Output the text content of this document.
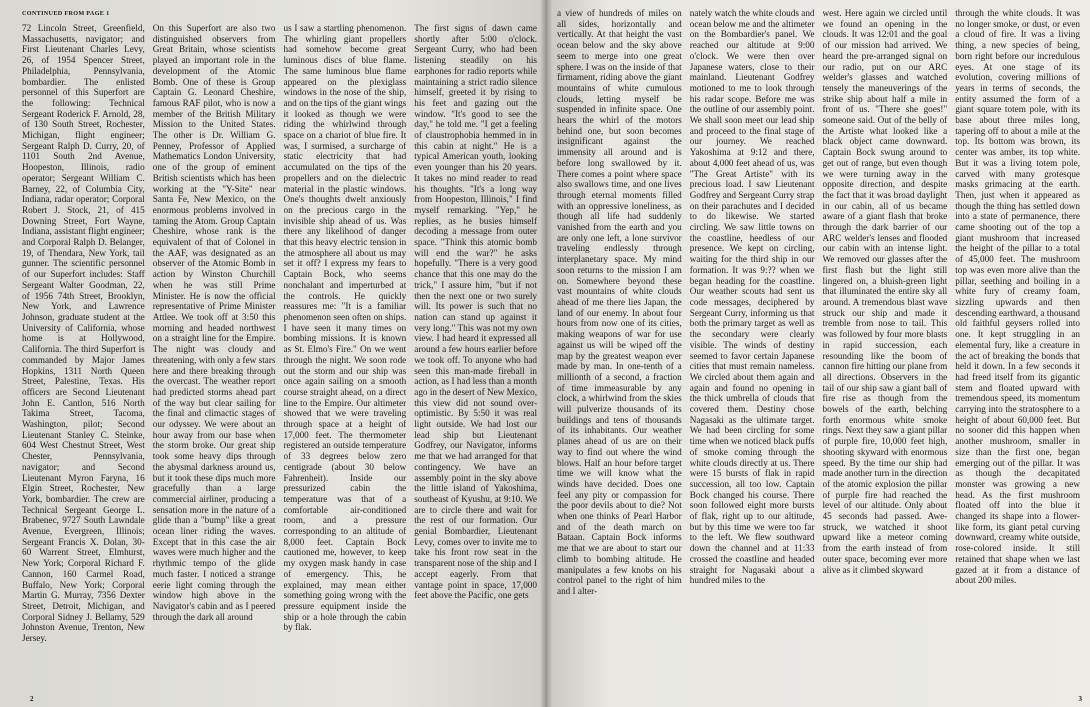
CONTINUED FROM PAGE 1

72 Lincoln Street, Greenfield, Massachusetts, navigator; and First Lieutenant Charles Levy, 26, of 1954 Spencer Street, Philadelphia, Pennsylvania, bombardier. The enlisted personnel of this Superfort are the following: Technical Sergeant Roderick F. Arnold, 28, of 130 South Street, Rochester, Michigan, flight engineer; Sergeant Ralph D. Curry, 20, of 1101 South 2nd Avenue, Hoopeston, Illinois, radio operator; Sergeant William C. Barney, 22, of Columbia City, Indiana, radar operator; Corporal Robert J. Stock, 21, of 415 Downing Street, Fort Wayne, Indiana, assistant flight engineer; and Corporal Ralph D. Belanger, 19, of Thendara, New York, tail gunner. The scientific personnel of our Superfort includes: Staff Sergeant Walter Goodman, 22, of 1956 74th Street, Brooklyn, New York, and Lawrence Johnson, graduate student at the University of California, whose home is at Hollywood, California. The third Superfort is commanded by Major James Hopkins, 1311 North Queen Street, Palestine, Texas. His officers are Second Lieutenant John E. Cantlon, 516 North Takima Street, Tacoma, Washington, pilot; Second Lieutenant Stanley C. Steinke, 604 West Chestnut Street, West Chester, Pennsylvania, navigator; and Second Lieutenant Myron Faryna, 16 Elgin Street, Rochester, New York, bombardier. The crew are Technical Sergeant George L. Brabenec, 9727 South Lawndale Avenue, Evergreen, Illinois; Sergeant Francis X. Dolan, 30-60 Warrent Street, Elmhurst, New York; Corporal Richard F. Cannon, 160 Carmel Road, Buffalo, New York; Corporal Martin G. Murray, 7356 Dexter Street, Detroit, Michigan, and Corporal Sidney J. Bellamy, 529 Johnston Avenue, Trenton, New Jersey.

On this Superfort are also two distinguished observers from Great Britain, whose scientists played an important role in the development of the Atomic Bomb. One of these is Group Captain G. Leonard Cheshire, famous RAF pilot, who is now a member of the British Military Mission to the United States. The other is Dr. William G. Penney, Professor of Applied Mathematics London University, one of the group of eminent British scientists which has been working at the "Y-Site" near Santa Fe, New Mexico, on the enormous problems involved in taming the Atom. Group Captain Cheshire, whose rank is the equivalent of that of Colonel in the AAF, was designated as an observer of the Atomic Bomb in action by Winston Churchill when he was still Prime Minister. He is now the official representative of Prime Minister Attlee. We took off at 3:50 this morning and headed northwest on a straight line for the Empire. The night was cloudy and threatening, with only a few stars here and there breaking through the overcast. The weather report had predicted storms ahead part of the way but clear sailing for the final and climactic stages of our odyssey. We were about an hour away from our base when the storm broke. Our great ship took some heavy dips through the abysmal darkness around us, but it took these dips much more gracefully than a large commercial airliner, producing a sensation more in the nature of a glide than a "bump" like a great ocean liner riding the waves. Except that in this case the air waves were much higher and the rhythmic tempo of the glide much faster. I noticed a strange eerie light coming through the window high above in the Navigator's cabin and as I peered through the dark all around

us I saw a startling phenomenon. The whirling giant propellers had somehow become great luminous discs of blue flame. The same luminous blue flame appeared on the plexiglass windows in the nose of the ship, and on the tips of the giant wings it looked as though we were riding the whirlwind through space on a chariot of blue fire. It was, I surmised, a surcharge of static electricity that had accumulated on the tips of the propellers and on the dielectric material in the plastic windows. One's thoughts dwelt anxiously on the precious cargo in the invisible ship ahead of us. Was there any likelihood of danger that this heavy electric tension in the atmosphere all about us may set it off? I express my fears to Captain Bock, who seems nonchalant and imperturbed at the controls. He quickly reassures me: "It is a familiar phenomenon seen often on ships. I have seen it many times on bombing missions. It is known as St. Elmo's Fire." On we went through the night. We soon rode out the storm and our ship was once again sailing on a smooth course straight ahead, on a direct line to the Empire. Our altimeter showed that we were traveling through space at a height of 17,000 feet. The thermometer registered an outside temperature of 33 degrees below zero centigrade (about 30 below Fahrenheit). Inside our pressurized cabin the temperature was that of a comfortable air-conditioned room, and a pressure corresponding to an altitude of 8,000 feet. Captain Bock cautioned me, however, to keep my oxygen mask handy in case of emergency. This, he explained, may mean either something going wrong with the pressure equipment inside the ship or a hole through the cabin by flak.

The first signs of dawn came shortly after 5:00 o'clock. Sergeant Curry, who had been listening steadily on his earphones for radio reports while maintaining a strict radio silence himself, greeted it by rising to his feet and gazing out the window. "It's good to see the day," he told me. "I get a feeling of claustrophobia hemmed in in this cabin at night." He is a typical American youth, looking even younger than his 20 years. It takes no mind reader to read his thoughts. "It's a long way from Hoopeston, Illinois," I find myself remarking. "Yep," he replies, as he busies himself decoding a message from outer space. "Think this atomic bomb will end the war?" he asks hopefully. "There is a very good chance that this one may do the trick," I assure him, "but if not then the next one or two surely will. Its power is such that no nation can stand up against it very long." This was not my own view. I had heard it expressed all around a few hours earlier before we took off. To anyone who had seen this man-made fireball in action, as I had less than a month ago in the desert of New Mexico, this view did not sound over-optimistic. By 5:50 it was real light outside. We had lost our lead ship but Lieutenant Godfrey, our Navigator, informs me that we had arranged for that contingency. We have an assembly point in the sky above the little island of Yakoshima, southeast of Kyushu, at 9:10. We are to circle there and wait for the rest of our formation. Our genial Bombardier, Lieutenant Levy, comes over to invite me to take his front row seat in the transparent nose of the ship and I accept eagerly. From that vantage point in space, 17,000 feet above the Pacific, one gets

2

a view of hundreds of miles on all sides, horizontally and vertically. At that height the vast ocean below and the sky above seem to merge into one great sphere. I was on the inside of that firmament, riding above the giant mountains of white cumulous clouds, letting myself be suspended in infinite space. One hears the whirl of the motors behind one, but soon becomes insignificant against the immensity all around and is before long swallowed by it. There comes a point where space also swallows time, and one lives through eternal moments filled with an oppressive loneliness, as though all life had suddenly vanished from the earth and you are only one left, a lone survivor traveling endlessly through interplanetary space. My mind soon returns to the mission I am on. Somewhere beyond these vast mountains of white clouds ahead of me there lies Japan, the land of our enemy. In about four hours from now one of its cities, making weapons of war for use against us will be wiped off the map by the greatest weapon ever made by man. In one-tenth of a millionth of a second, a fraction of time immeasurable by any clock, a whirlwind from the skies will pulverize thousands of its buildings and tens of thousands of its inhabitants. Our weather planes ahead of us are on their way to find out where the wind blows. Half an hour before target time we will know what the winds have decided. Does one feel any pity or compassion for the poor devils about to die? Not when one thinks of Pearl Harbor and of the death march on Bataan. Captain Bock informs me that we are about to start our climb to bombing altitude. He manipulates a few knobs on his control panel to the right of him and I alter-

nately watch the white clouds and ocean below me and the altimeter on the Bombardier's panel. We reached our altitude at 9:00 o'clock. We were then over Japanese waters, close to their mainland. Lieutenant Godfrey motioned to me to look through his radar scope. Before me was the outline of our assembly point. We shall soon meet our lead ship and proceed to the final stage of our journey. We reached Yakoshima at 9:12 and there, about 4,000 feet ahead of us, was "The Great Artiste" with its precious load. I saw Lieutenant Godfrey and Sergeant Curry strap on their parachutes and I decided to do likewise. We started circling. We saw little towns on the coastline, heedless of our presence. We kept on circling, waiting for the third ship in our formation. It was 9:?? when we began heading for the coastline. Our weather scouts had sent us code messages, deciphered by Sergeant Curry, informing us that both the primary target as well as the secondary were clearly visible. The winds of destiny seemed to favor certain Japanese cities that must remain nameless. We circled about them again and again and found no opening in the thick umbrella of clouds that covered them. Destiny chose Nagasaki as the ultimate target. We had been circling for some time when we noticed black puffs of smoke coming through the white clouds directly at us. There were 15 bursts of flak in rapid succession, all too low. Captain Bock changed his course. There soon followed eight more bursts of flak, right up to our altitude, but by this time we were too far to the left. We flew southward down the channel and at 11:33 crossed the coastline and headed straight for Nagasaki about a hundred miles to the

west. Here again we circled until we found an opening in the clouds. It was 12:01 and the goal of our mission had arrived. We heard the pre-arranged signal on our radio, put on our ARC welder's glasses and watched tensely the maneuverings of the strike ship about half a mile in front of us. "There she goes!" someone said. Out of the belly of the Artiste what looked like a black object came downward. Captain Bock swung around to get out of range, but even though we were turning away in the opposite direction, and despite the fact that it was broad daylight in our cabin, all of us became aware of a giant flash that broke through the dark barrier of our ARC welder's lenses and flooded our cabin with an intense light. We removed our glasses after the first flash but the light still lingered on, a bluish-green light that illuminated the entire sky all around. A tremendous blast wave struck our ship and made it tremble from nose to tail. This was followed by four more blasts in rapid succession, each resounding like the boom of cannon fire hitting our plane from all directions. Observers in the tail of our ship saw a giant ball of fire rise as though from the bowels of the earth, belching forth enormous white smoke rings. Next they saw a giant pillar of purple fire, 10,000 feet high, shooting skyward with enormous speed. By the time our ship had made another turn in the direction of the atomic explosion the pillar of purple fire had reached the level of our altitude. Only about 45 seconds had passed. Awe-struck, we watched it shoot upward like a meteor coming from the earth instead of from outer space, becoming ever more alive as it climbed skyward

through the white clouds. It was no longer smoke, or dust, or even a cloud of fire. It was a living thing, a new species of being, born right before our incredulous eyes. At one stage of its evolution, covering millions of years in terms of seconds, the entity assumed the form of a giant square totem pole, with its base about three miles long, tapering off to about a mile at the top. Its bottom was brown, its center was amber, its top white. But it was a living totem pole, carved with many grotesque masks grimacing at the earth. Then, just when it appeared as though the thing has settled down into a state of permanence, there came shooting out of the top a giant mushroom that increased the height of the pillar to a total of 45,000 feet. The mushroom top was even more alive than the pillar, seething and boiling in a white fury of creamy foam, sizzling upwards and then descending earthward, a thousand old faithful geysers rolled into one. It kept struggling in an elemental fury, like a creature in the act of breaking the bonds that held it down. In a few seconds it had freed itself from its gigantic stem and floated upward with tremendous speed, its momentum carrying into the stratosphere to a height of about 60,000 feet. But no sooner did this happen when another mushroom, smaller in size than the first one, began emerging out of the pillar. It was as though the decapitated monster was growing a new head. As the first mushroom floated off into the blue it changed its shape into a flower-like form, its giant petal curving downward, creamy white outside, rose-colored inside. It still retained that shape when we last gazed at it from a distance of about 200 miles.

3
